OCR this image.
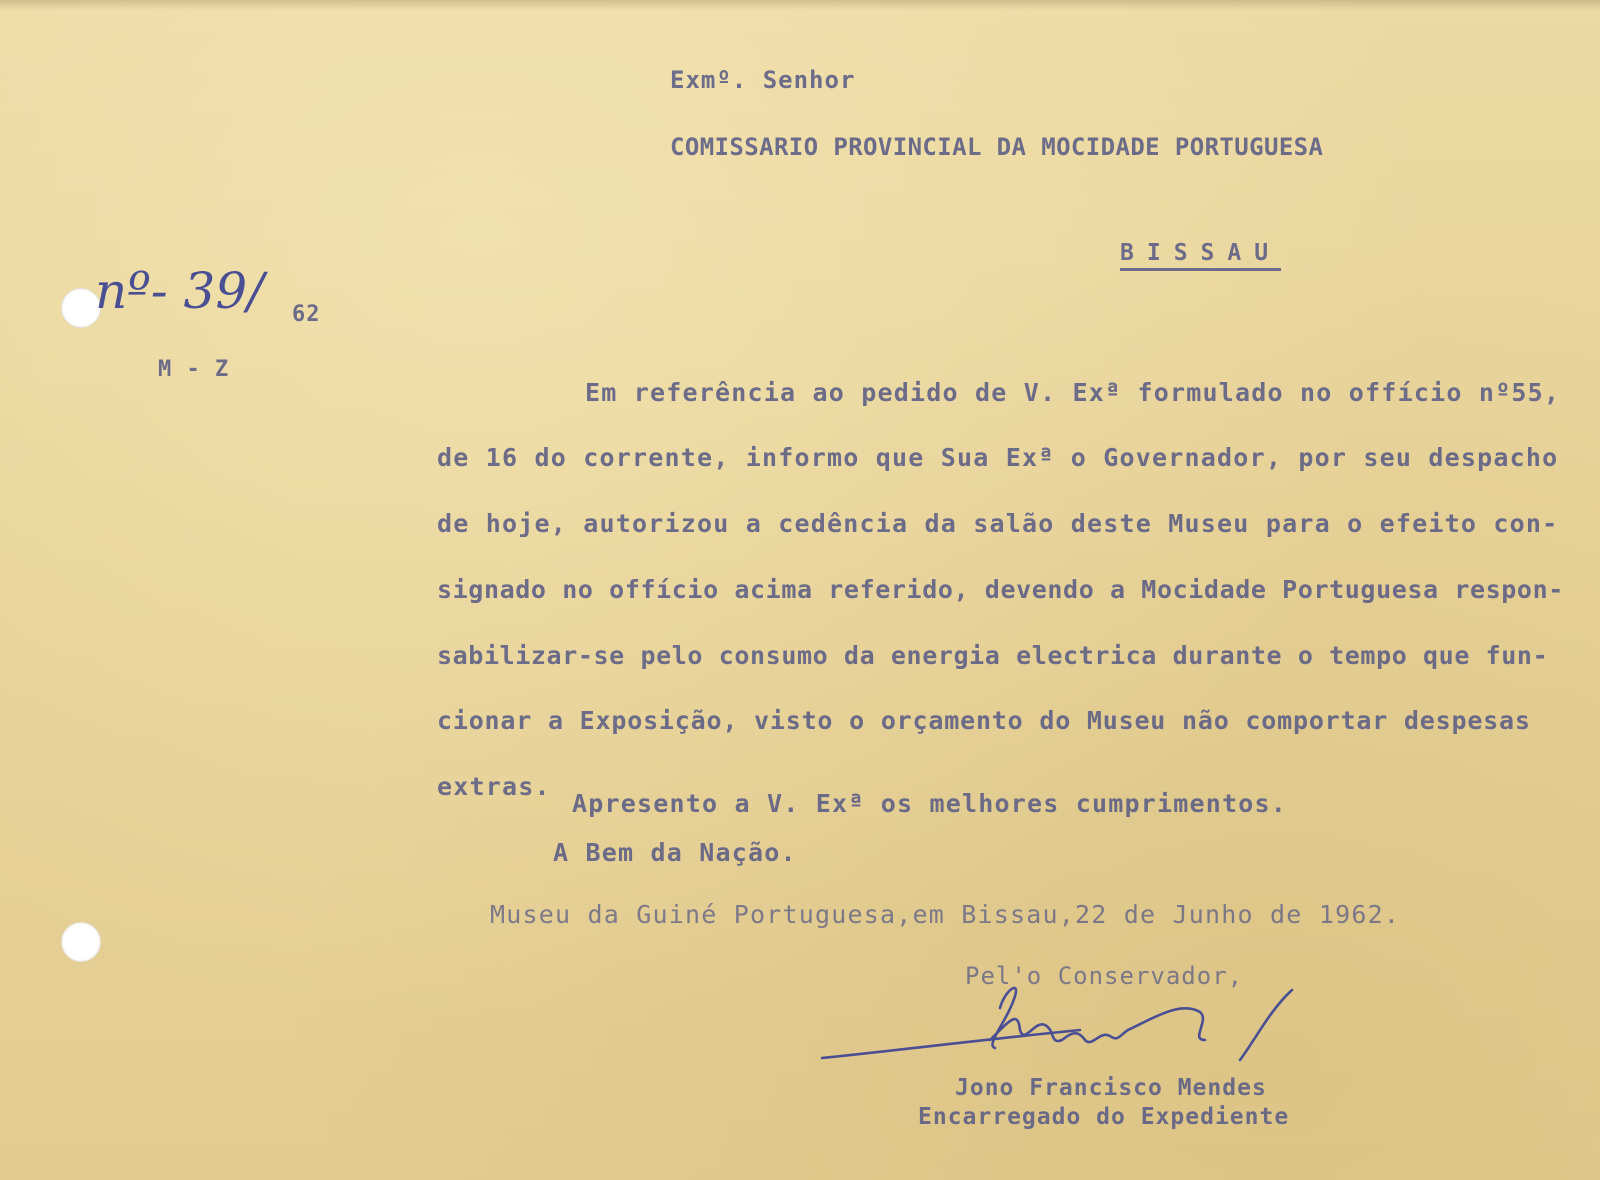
Exmº. Senhor
COMISSARIO PROVINCIAL DA MOCIDADE PORTUGUESA
BISSAU
nº- 39/ 62
M - Z
Em referência ao pedido de V. Exª formulado no offício nº55,
de 16 do corrente, informo que Sua Exª o Governador, por seu despacho
de hoje, autorizou a cedência da salão deste Museu para o efeito con-
signado no offício acima referido, devendo a Mocidade Portuguesa respon-
sabilizar-se pelo consumo da energia electrica durante o tempo que fun-
cionar a Exposição, visto o orçamento do Museu não comportar despesas
extras.
Apresento a V. Exª os melhores cumprimentos.
A Bem da Nação.
Museu da Guiné Portuguesa,em Bissau,22 de Junho de 1962.
Pel'o Conservador,
Jono Francisco Mendes
Encarregado do Expediente
